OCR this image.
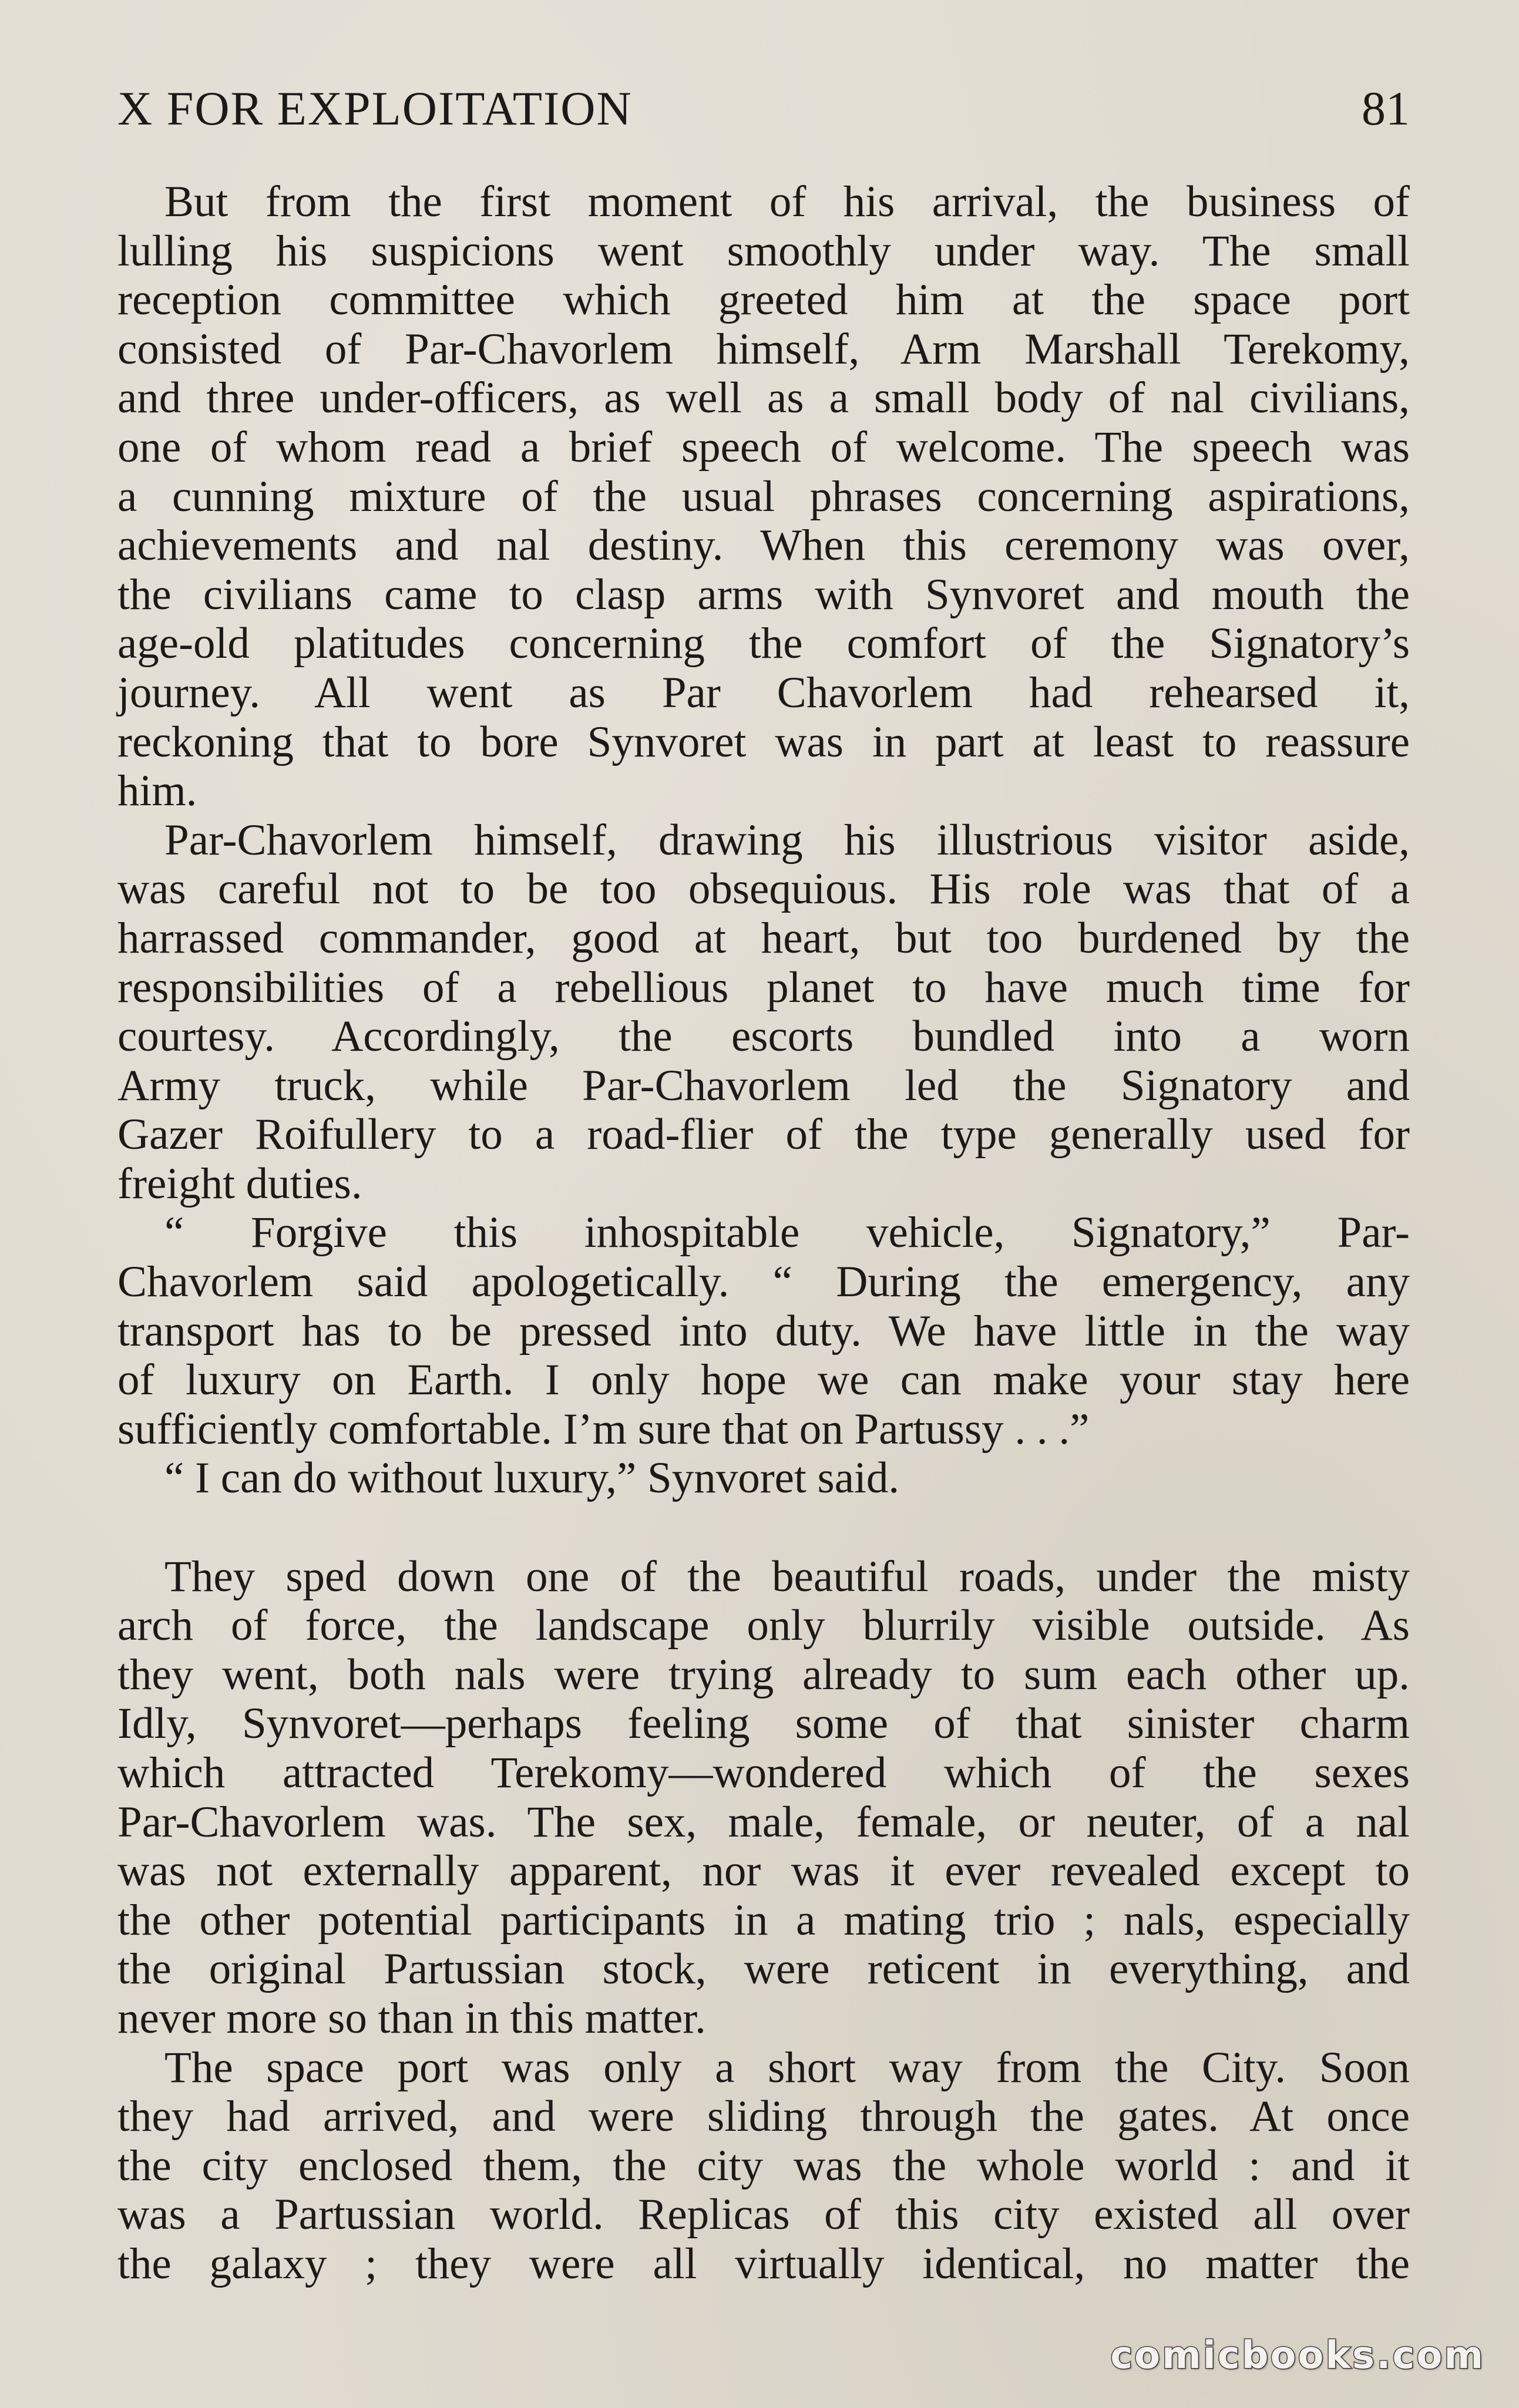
X FOR EXPLOITATION	81
But from the first moment of his arrival, the business of
lulling his suspicions went smoothly under way. The small
reception committee which greeted him at the space port
consisted of Par-Chavorlem himself, Arm Marshall Terekomy,
and three under-officers, as well as a small body of nal civilians,
one of whom read a brief speech of welcome. The speech was
a cunning mixture of the usual phrases concerning aspirations,
achievements and nal destiny. When this ceremony was over,
the civilians came to clasp arms with Synvoret and mouth the
age-old platitudes concerning the comfort of the Signatory’s
journey. All went as Par Chavorlem had rehearsed it,
reckoning that to bore Synvoret was in part at least to reassure
him.
Par-Chavorlem himself, drawing his illustrious visitor aside,
was careful not to be too obsequious. His role was that of a
harrassed commander, good at heart, but too burdened by the
responsibilities of a rebellious planet to have much time for
courtesy. Accordingly, the escorts bundled into a worn
Army truck, while Par-Chavorlem led the Signatory and
Gazer Roifullery to a road-flier of the type generally used for
freight duties.
“ Forgive this inhospitable vehicle, Signatory,” Par-
Chavorlem said apologetically. “ During the emergency, any
transport has to be pressed into duty. We have little in the way
of luxury on Earth. I only hope we can make your stay here
sufficiently comfortable. I’m sure that on Partussy . . .”
“ I can do without luxury,” Synvoret said.
They sped down one of the beautiful roads, under the misty
arch of force, the landscape only blurrily visible outside. As
they went, both nals were trying already to sum each other up.
Idly, Synvoret—perhaps feeling some of that sinister charm
which attracted Terekomy—wondered which of the sexes
Par-Chavorlem was. The sex, male, female, or neuter, of a nal
was not externally apparent, nor was it ever revealed except to
the other potential participants in a mating trio ; nals, especially
the original Partussian stock, were reticent in everything, and
never more so than in this matter.
The space port was only a short way from the City. Soon
they had arrived, and were sliding through the gates. At once
the city enclosed them, the city was the whole world : and it
was a Partussian world. Replicas of this city existed all over
the galaxy ; they were all virtually identical, no matter the
comicbooks.com
